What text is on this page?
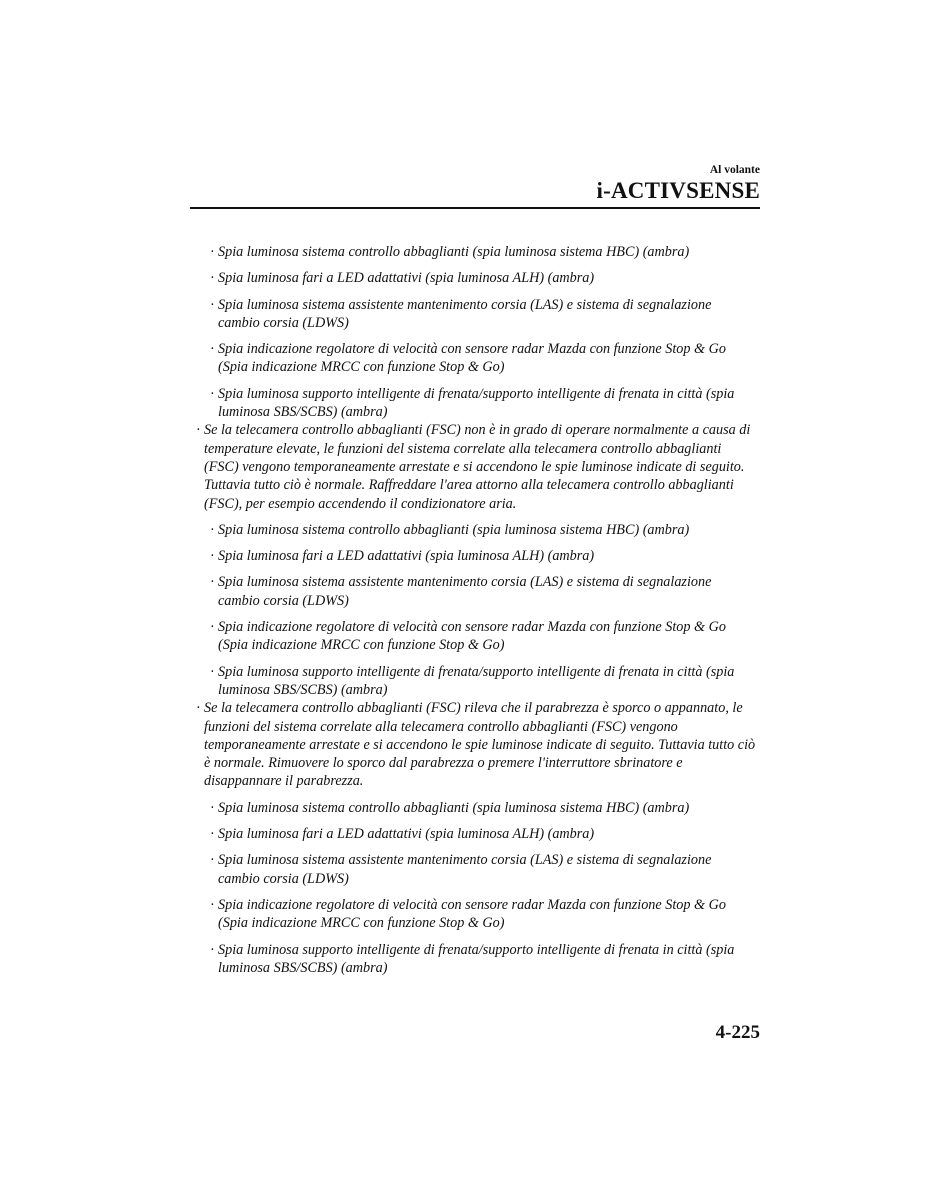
Al volante
i-ACTIVSENSE
· Spia luminosa sistema controllo abbaglianti (spia luminosa sistema HBC) (ambra)
· Spia luminosa fari a LED adattativi (spia luminosa ALH) (ambra)
· Spia luminosa sistema assistente mantenimento corsia (LAS) e sistema di segnalazione cambio corsia (LDWS)
· Spia indicazione regolatore di velocità con sensore radar Mazda con funzione Stop & Go (Spia indicazione MRCC con funzione Stop & Go)
· Spia luminosa supporto intelligente di frenata/supporto intelligente di frenata in città (spia luminosa SBS/SCBS) (ambra)
· Se la telecamera controllo abbaglianti (FSC) non è in grado di operare normalmente a causa di temperature elevate, le funzioni del sistema correlate alla telecamera controllo abbaglianti (FSC) vengono temporaneamente arrestate e si accendono le spie luminose indicate di seguito. Tuttavia tutto ciò è normale. Raffreddare l'area attorno alla telecamera controllo abbaglianti (FSC), per esempio accendendo il condizionatore aria.
· Spia luminosa sistema controllo abbaglianti (spia luminosa sistema HBC) (ambra)
· Spia luminosa fari a LED adattativi (spia luminosa ALH) (ambra)
· Spia luminosa sistema assistente mantenimento corsia (LAS) e sistema di segnalazione cambio corsia (LDWS)
· Spia indicazione regolatore di velocità con sensore radar Mazda con funzione Stop & Go (Spia indicazione MRCC con funzione Stop & Go)
· Spia luminosa supporto intelligente di frenata/supporto intelligente di frenata in città (spia luminosa SBS/SCBS) (ambra)
· Se la telecamera controllo abbaglianti (FSC) rileva che il parabrezza è sporco o appannato, le funzioni del sistema correlate alla telecamera controllo abbaglianti (FSC) vengono temporaneamente arrestate e si accendono le spie luminose indicate di seguito. Tuttavia tutto ciò è normale. Rimuovere lo sporco dal parabrezza o premere l'interruttore sbrinatore e disappannare il parabrezza.
· Spia luminosa sistema controllo abbaglianti (spia luminosa sistema HBC) (ambra)
· Spia luminosa fari a LED adattativi (spia luminosa ALH) (ambra)
· Spia luminosa sistema assistente mantenimento corsia (LAS) e sistema di segnalazione cambio corsia (LDWS)
· Spia indicazione regolatore di velocità con sensore radar Mazda con funzione Stop & Go (Spia indicazione MRCC con funzione Stop & Go)
· Spia luminosa supporto intelligente di frenata/supporto intelligente di frenata in città (spia luminosa SBS/SCBS) (ambra)
4-225
